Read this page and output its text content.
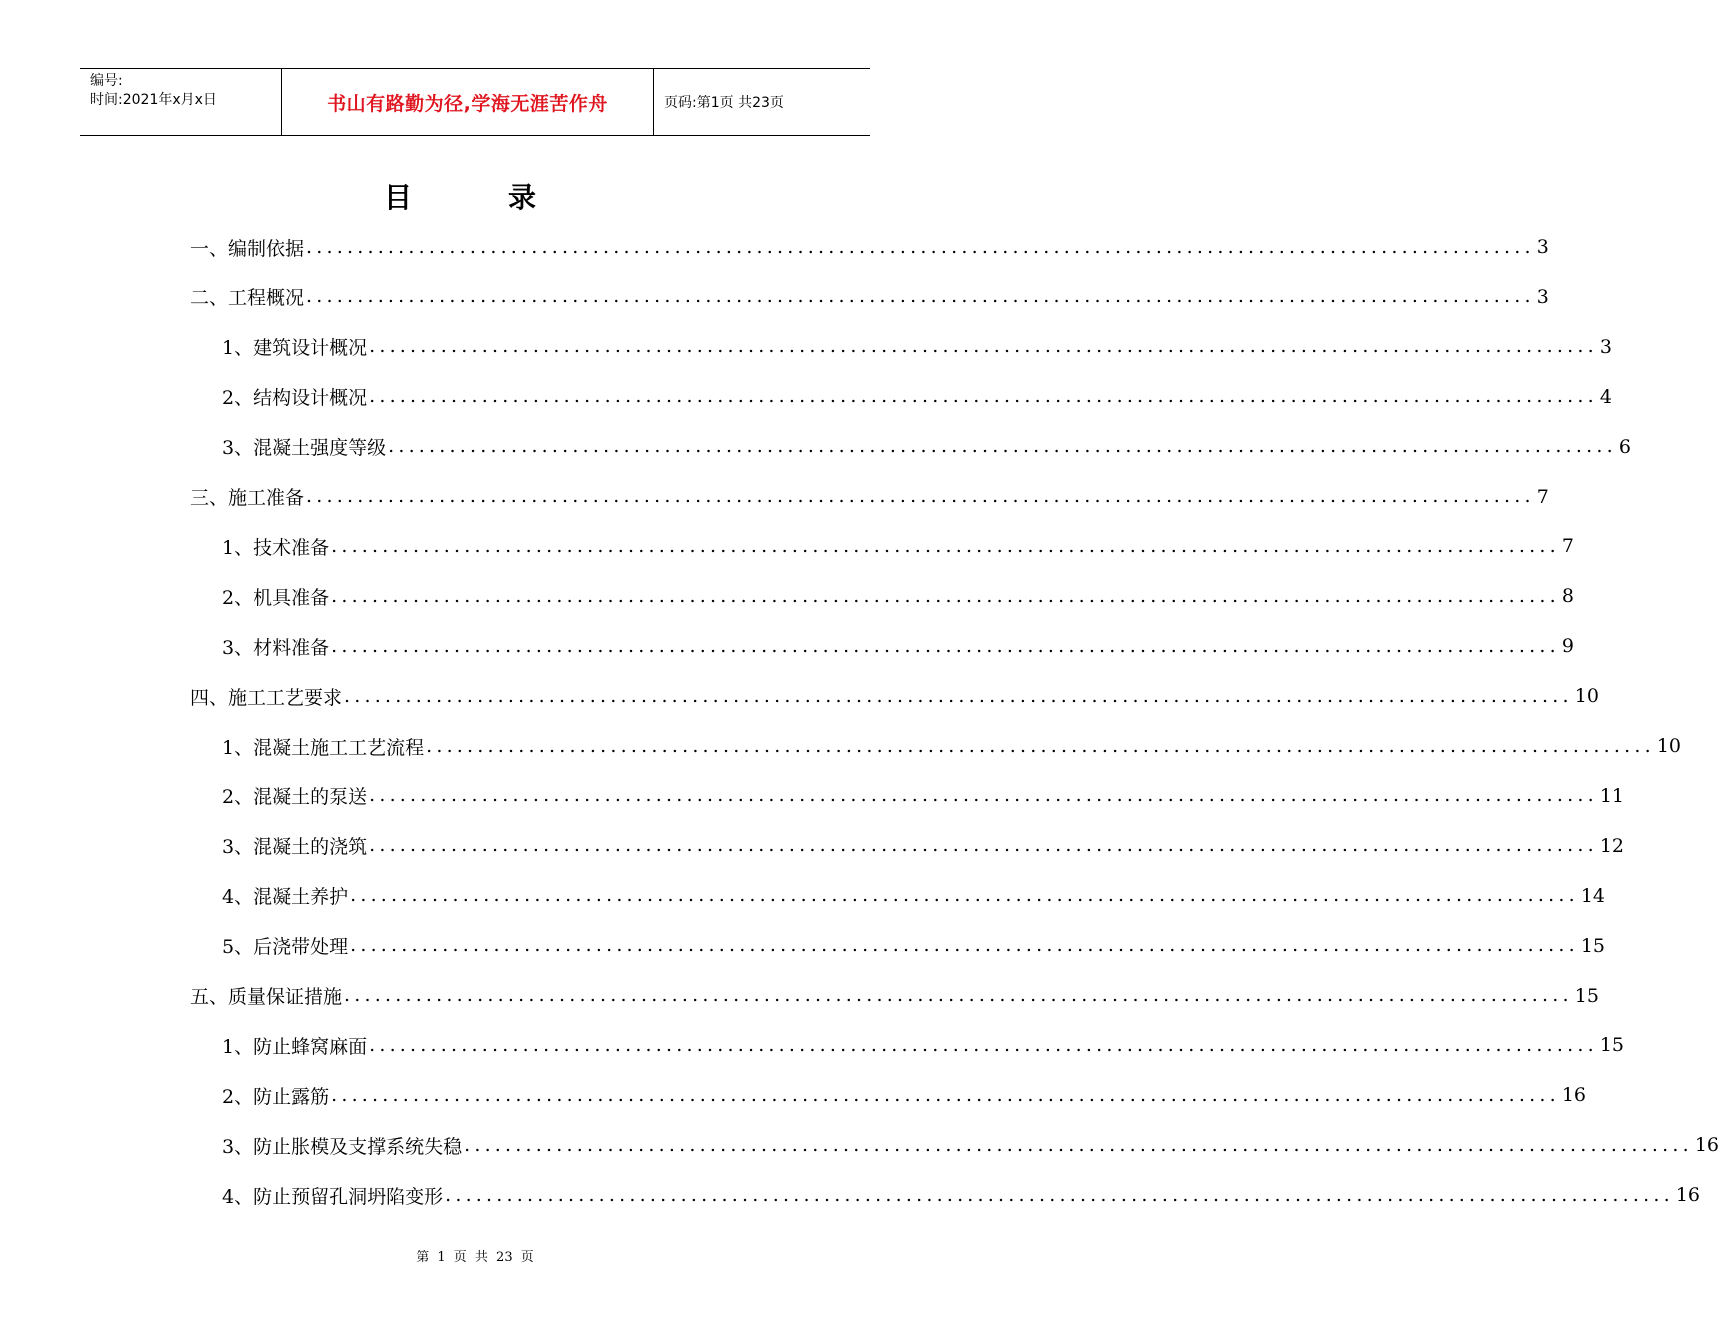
编号:
时间:2021年x月x日	书山有路勤为径,学海无涯苦作舟	页码:第1页 共23页
目录
一、编制依据 ........................................................................................................................ 3
二、工程概况 ........................................................................................................................ 3
1、建筑设计概况 ........................................................................................................................ 3
2、结构设计概况 ........................................................................................................................ 4
3、混凝土强度等级 ........................................................................................................................ 6
三、施工准备 ........................................................................................................................ 7
1、技术准备 ........................................................................................................................ 7
2、机具准备 ........................................................................................................................ 8
3、材料准备 ........................................................................................................................ 9
四、施工工艺要求 ........................................................................................................................ 10
1、混凝土施工工艺流程 ........................................................................................................................ 10
2、混凝土的泵送 ........................................................................................................................ 11
3、混凝土的浇筑 ........................................................................................................................ 12
4、混凝土养护 ........................................................................................................................ 14
5、后浇带处理 ........................................................................................................................ 15
五、质量保证措施 ........................................................................................................................ 15
1、防止蜂窝麻面 ........................................................................................................................ 15
2、防止露筋 ........................................................................................................................ 16
3、防止胀模及支撑系统失稳 ........................................................................................................................ 16
4、防止预留孔洞坍陷变形 ........................................................................................................................ 16
第 1 页 共 23 页
